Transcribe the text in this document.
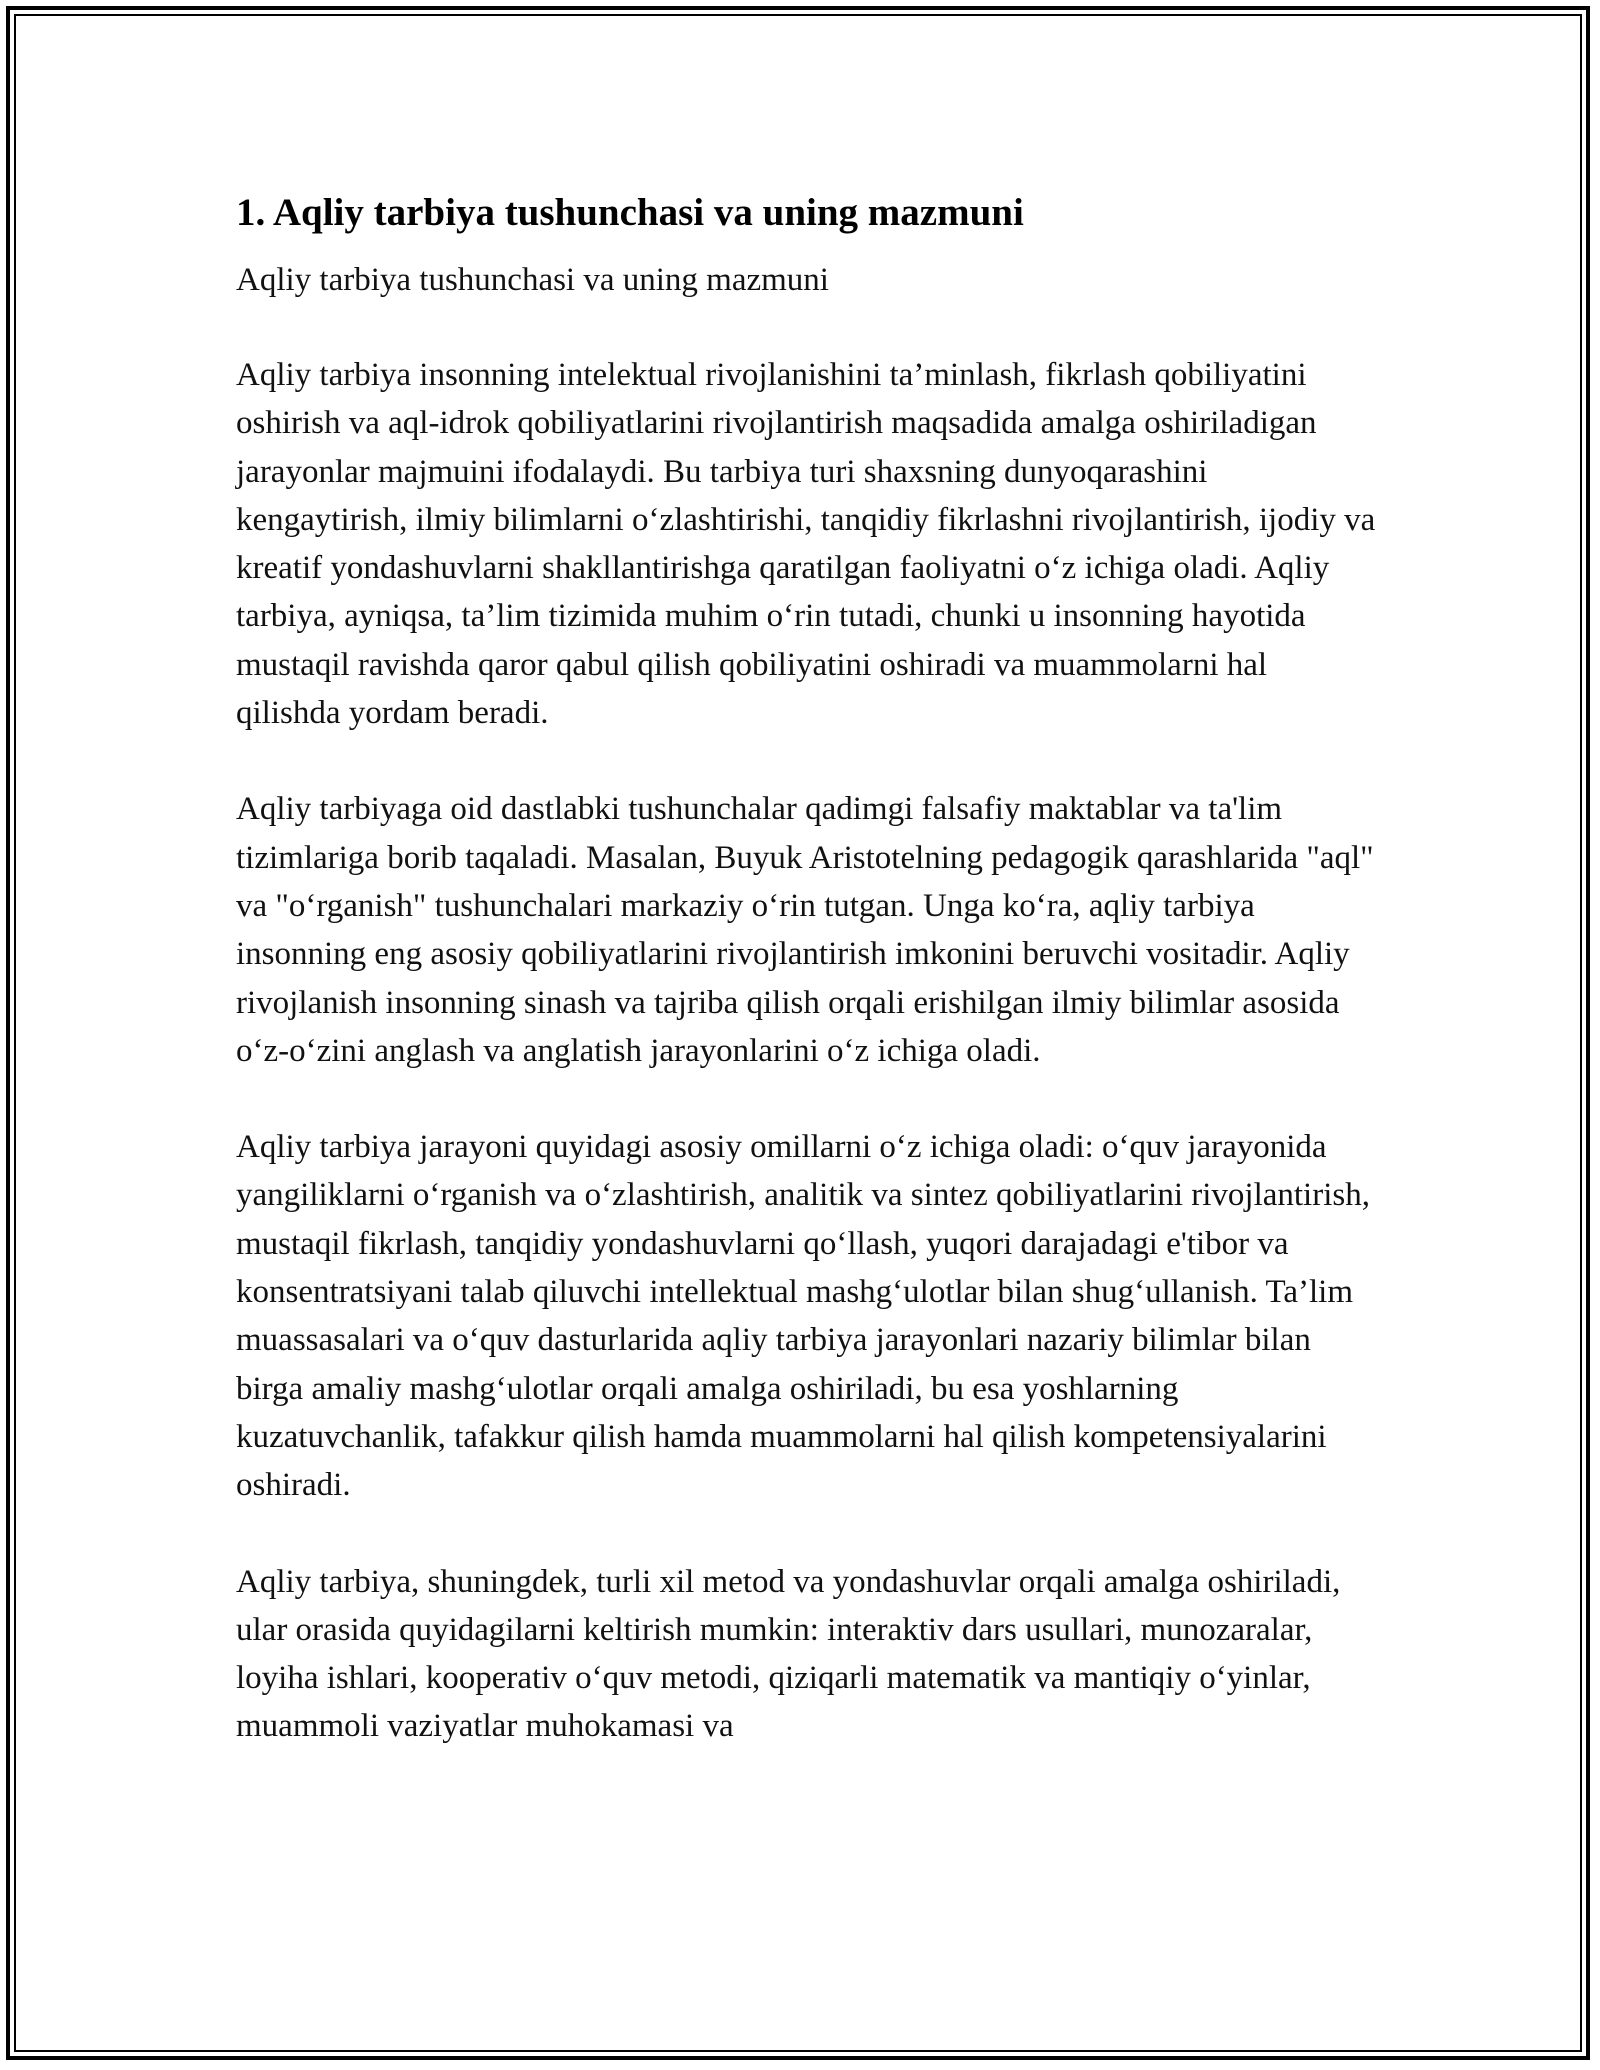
1. Aqliy tarbiya tushunchasi va uning mazmuni

Aqliy tarbiya tushunchasi va uning mazmuni

Aqliy tarbiya insonning intelektual rivojlanishini ta’minlash, fikrlash qobiliyatini oshirish va aql-idrok qobiliyatlarini rivojlantirish maqsadida amalga oshiriladigan jarayonlar majmuini ifodalaydi. Bu tarbiya turi shaxsning dunyoqarashini kengaytirish, ilmiy bilimlarni o‘zlashtirishi, tanqidiy fikrlashni rivojlantirish, ijodiy va kreatif yondashuvlarni shakllantirishga qaratilgan faoliyatni o‘z ichiga oladi. Aqliy tarbiya, ayniqsa, ta’lim tizimida muhim o‘rin tutadi, chunki u insonning hayotida mustaqil ravishda qaror qabul qilish qobiliyatini oshiradi va muammolarni hal qilishda yordam beradi.

Aqliy tarbiyaga oid dastlabki tushunchalar qadimgi falsafiy maktablar va ta'lim tizimlariga borib taqaladi. Masalan, Buyuk Aristotelning pedagogik qarashlarida "aql" va "o‘rganish" tushunchalari markaziy o‘rin tutgan. Unga ko‘ra, aqliy tarbiya insonning eng asosiy qobiliyatlarini rivojlantirish imkonini beruvchi vositadir. Aqliy rivojlanish insonning sinash va tajriba qilish orqali erishilgan ilmiy bilimlar asosida o‘z-o‘zini anglash va anglatish jarayonlarini o‘z ichiga oladi.

Aqliy tarbiya jarayoni quyidagi asosiy omillarni o‘z ichiga oladi: o‘quv jarayonida yangiliklarni o‘rganish va o‘zlashtirish, analitik va sintez qobiliyatlarini rivojlantirish, mustaqil fikrlash, tanqidiy yondashuvlarni qo‘llash, yuqori darajadagi e'tibor va konsentratsiyani talab qiluvchi intellektual mashg‘ulotlar bilan shug‘ullanish. Ta’lim muassasalari va o‘quv dasturlarida aqliy tarbiya jarayonlari nazariy bilimlar bilan birga amaliy mashg‘ulotlar orqali amalga oshiriladi, bu esa yoshlarning kuzatuvchanlik, tafakkur qilish hamda muammolarni hal qilish kompetensiyalarini oshiradi.

Aqliy tarbiya, shuningdek, turli xil metod va yondashuvlar orqali amalga oshiriladi, ular orasida quyidagilarni keltirish mumkin: interaktiv dars usullari, munozaralar, loyiha ishlari, kooperativ o‘quv metodi, qiziqarli matematik va mantiqiy o‘yinlar, muammoli vaziyatlar muhokamasi va
